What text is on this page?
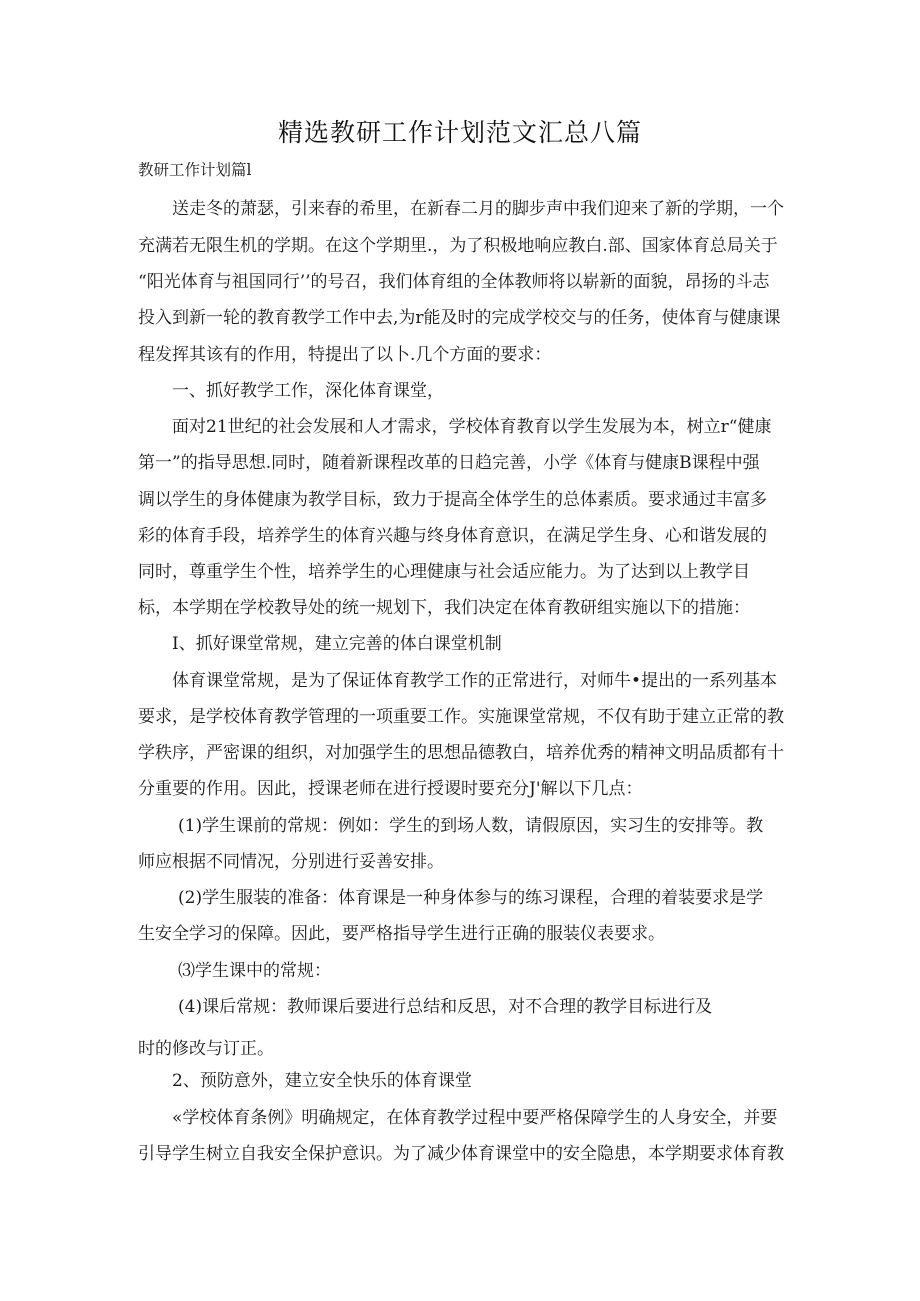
精选教研工作计划范文汇总八篇
教研工作计划篇l
送走冬的萧瑟，引来春的希里，在新春二月的脚步声中我们迎来了新的学期，一个
充满若无限生机的学期。在这个学期里.，为了积极地响应教白.部、国家体育总局关于
“阳光体育与祖国同行’’的号召，我们体育组的全体教师将以崭新的面貌，昂扬的斗志
投入到新一轮的教育教学工作中去,为r能及时的完成学校交与的任务，使体育与健康课
程发挥其该有的作用，特提出了以卜.几个方面的要求：
一、抓好教学工作，深化体育课堂，
面对21世纪的社会发展和人才需求，学校体育教育以学生发展为本，树立r“健康
第一”的指导思想.同时，随着新课程改革的日趋完善，小学《体育与健康B课程中强
调以学生的身体健康为教学目标，致力于提高全体学生的总体素质。要求通过丰富多
彩的体育手段，培养学生的体育兴趣与终身体育意识，在满足学生身、心和谐发展的
同时，尊重学生个性，培养学生的心理健康与社会适应能力。为了达到以上教学目
标，本学期在学校教导处的统一规划下，我们决定在体育教研组实施以下的措施：
I、抓好课堂常规，建立完善的体白课堂机制
体育课堂常规，是为了保证体育教学工作的正常进行，对师牛•提出的一系列基本
要求，是学校体育教学管理的一项重要工作。实施课堂常规，不仅有助于建立正常的教
学秩序，严密课的组织，对加强学生的思想品德教白，培养优秀的精神文明品质都有十
分重要的作用。因此，授课老师在进行授谡时要充分J'解以下几点：
(1)学生课前的常规：例如：学生的到场人数，请假原因，实习生的安排等。教
师应根据不同情况，分别进行妥善安排。
(2)学生服装的准备：体育课是一种身体参与的练习课程，合理的着装要求是学
生安全学习的保障。因此，要严格指导学生进行正确的服装仪表要求。
⑶学生课中的常规：
(4)课后常规：教师课后要进行总结和反思，对不合理的教学目标进行及
时的修改与订正。
2、预防意外，建立安全快乐的体育课堂
«学校体育条例》明确规定，在体育教学过程中要严格保障学生的人身安全，并要
引导学生树立自我安全保护意识。为了减少体育课堂中的安全隐患，本学期要求体育教
